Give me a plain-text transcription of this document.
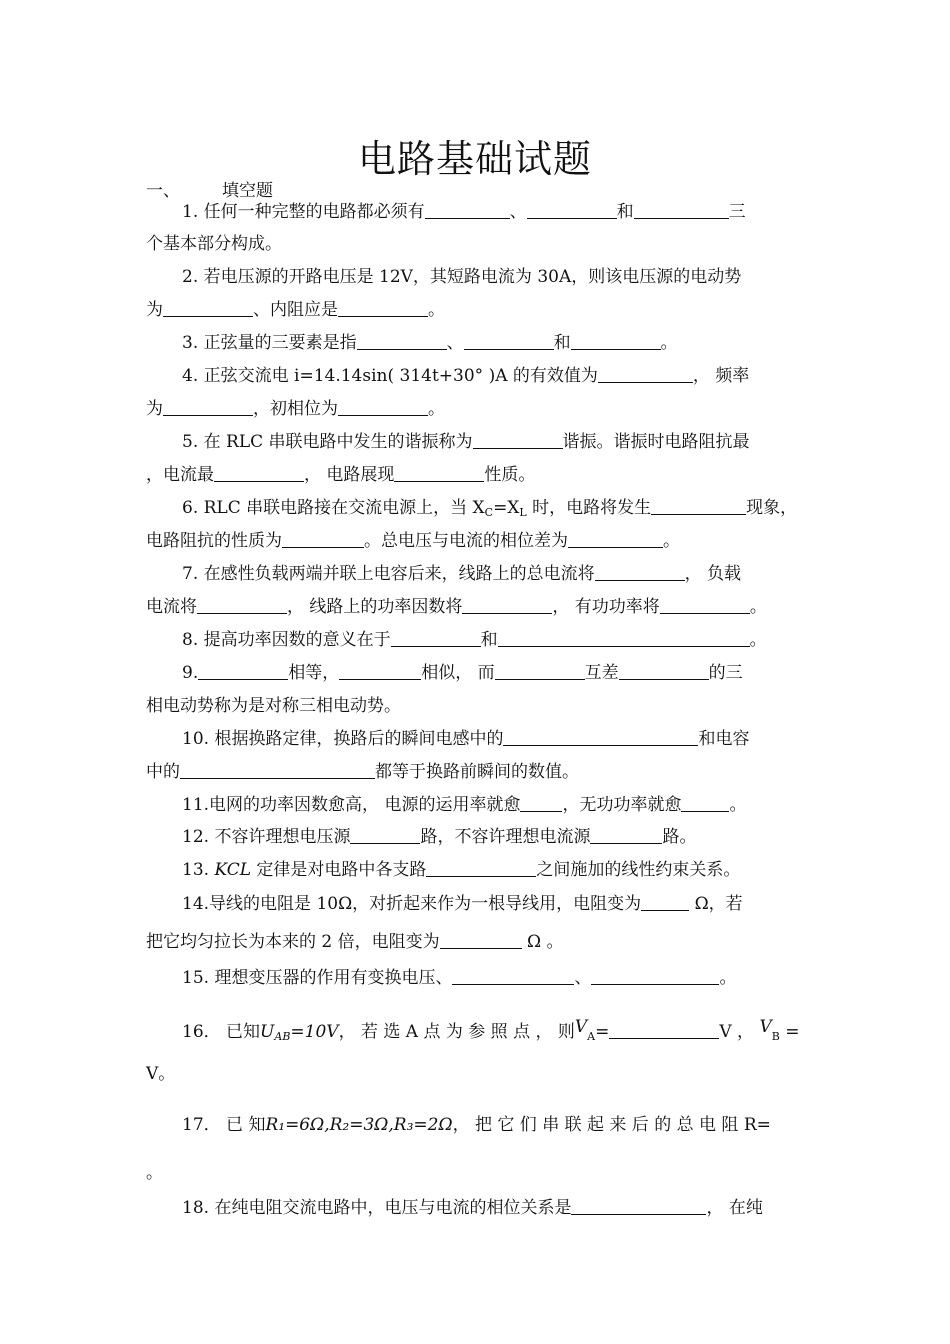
电路基础试题
一、 填空题
1. 任何一种完整的电路都必须有	、	和	三
个基本部分构成。
2. 若电压源的开路电压是 12V，其短路电流为 30A，则该电压源的电动势
为	、内阻应是	。
3. 正弦量的三要素是指	、	和	。
4. 正弦交流电 i=14.14sin( 314t+30° )A 的有效值为	， 频率
为	，初相位为	。
5. 在 RLC 串联电路中发生的谐振称为	谐振。谐振时电路阻抗最
，电流最	， 电路展现	性质。
6. RLC 串联电路接在交流电源上，当 $X_C=X_L$ 时，电路将发生	现象，
电路阻抗的性质为	。总电压与电流的相位差为	。
7. 在感性负载两端并联上电容后来，线路上的总电流将	， 负载
电流将	， 线路上的功率因数将	， 有功功率将	。
8. 提高功率因数的意义在于	和	。
9.	相等，	相似， 而	互差	的三
相电动势称为是对称三相电动势。
10. 根据换路定律，换路后的瞬间电感中的	和电容
中的	都等于换路前瞬间的数值。
11.电网的功率因数愈高， 电源的运用率就愈 ，无功功率就愈	。
12. 不容许理想电压源	路，不容许理想电流源	路。
13. KCL 定律是对电路中各支路	之间施加的线性约束关系。
14.导线的电阻是 10Ω，对折起来作为一根导线用，电阻变为	Ω，若
把它均匀拉长为本来的 2 倍，电阻变为	Ω 。
15. 理想变压器的作用有变换电压、	、	。
16． 已知$U_{AB}=10V$， 若 选 A 点 为 参 照 点 ， 则$V_A=$	V ， $V_B$ =
V。
17． 已 知R₁=6Ω,R₂=3Ω,R₃=2Ω， 把 它 们 串 联 起 来 后 的 总 电 阻 R=
。
18. 在纯电阻交流电路中，电压与电流的相位关系是	， 在纯
